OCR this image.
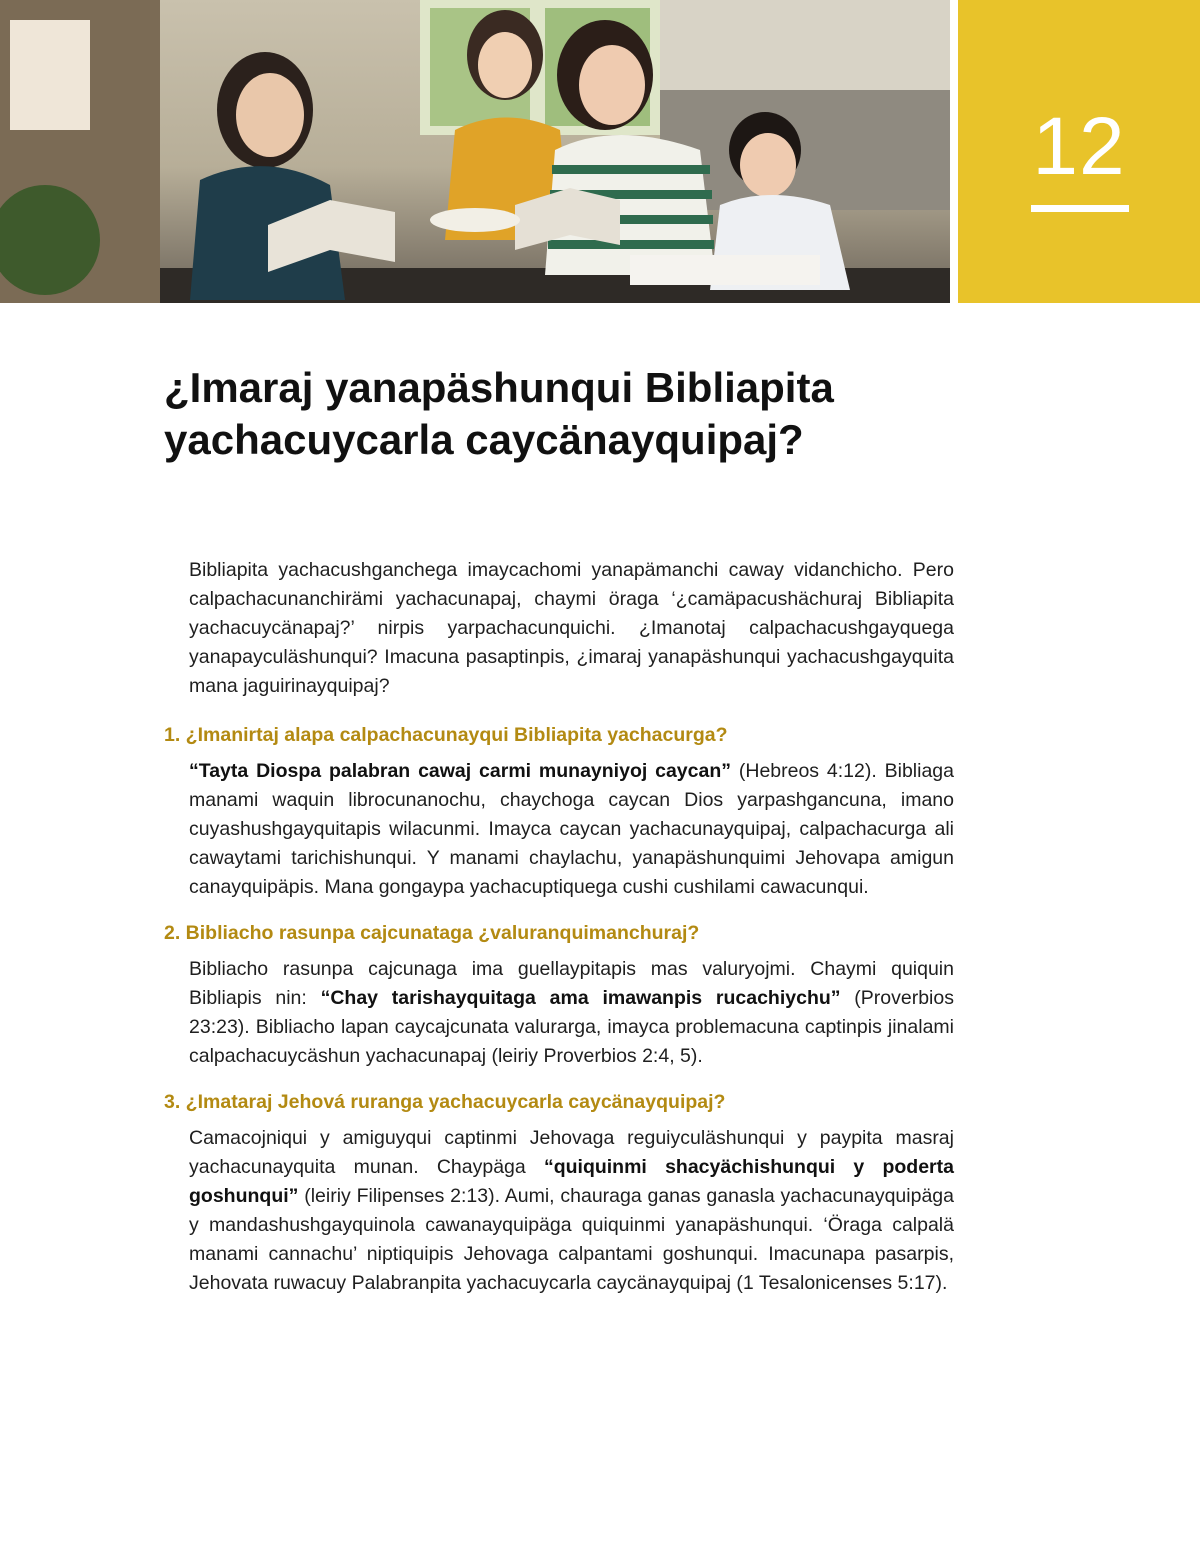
12
¿Imaraj yanapäshunqui Bibliapita yachacuycarla caycänayquipaj?

Bibliapita yachacushganchega imaycachomi yanapämanchi caway vidanchicho. Pero calpachacunanchirämi yachacunapaj, chaymi öraga ‘¿camäpacushächuraj Bibliapita yachacuycänapaj?’ nirpis yarpachacunquichi. ¿Imanotaj calpachacushgayquega yanapayculäshunqui? Imacuna pasaptinpis, ¿imaraj yanapäshunqui yachacushgayquita mana jaguirinayquipaj?

1. ¿Imanirtaj alapa calpachacunayqui Bibliapita yachacurga?

“Tayta Diospa palabran cawaj carmi munayniyoj caycan” (Hebreos 4:12). Bibliaga manami waquin librocunanochu, chaychoga caycan Dios yarpashgancuna, imano cuyashushgayquitapis wilacunmi. Imayca caycan yachacunayquipaj, calpachacurga ali cawaytami tarichishunqui. Y manami chaylachu, yanapäshunquimi Jehovapa amigun canayquipäpis. Mana gongaypa yachacuptiquega cushi cushilami cawacunqui.

2. Bibliacho rasunpa cajcunataga ¿valuranquimanchuraj?

Bibliacho rasunpa cajcunaga ima guellaypitapis mas valuryojmi. Chaymi quiquin Bibliapis nin: “Chay tarishayquitaga ama imawanpis rucachiychu” (Proverbios 23:23). Bibliacho lapan caycajcunata valurarga, imayca problemacuna captinpis jinalami calpachacuycäshun yachacunapaj (leiriy Proverbios 2:4, 5).

3. ¿Imataraj Jehová ruranga yachacuycarla caycänayquipaj?

Camacojniqui y amiguyqui captinmi Jehovaga reguiyculäshunqui y paypita masraj yachacunayquita munan. Chaypäga “quiquinmi shacyächishunqui y poderta goshunqui” (leiriy Filipenses 2:13). Aumi, chauraga ganas ganasla yachacunayquipäga y mandashushgayquinola cawanayquipäga quiquinmi yanapäshunqui. ‘Öraga calpalä manami cannachu’ niptiquipis Jehovaga calpantami goshunqui. Imacunapa pasarpis, Jehovata ruwacuy Palabranpita yachacuycarla caycänayquipaj (1 Tesalonicenses 5:17).
